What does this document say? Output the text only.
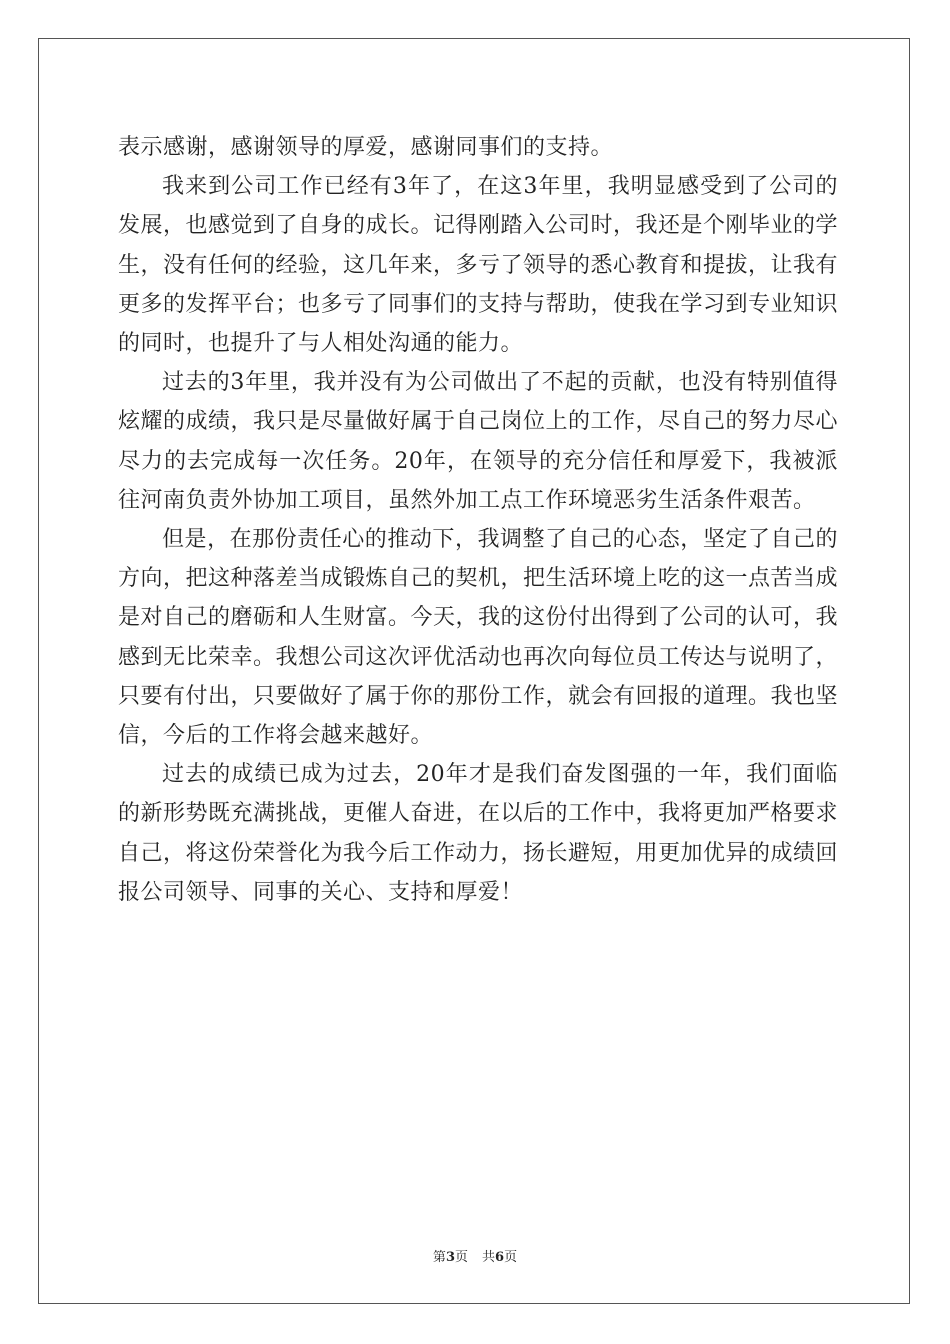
表示感谢，感谢领导的厚爱，感谢同事们的支持。

我来到公司工作已经有3年了，在这3年里，我明显感受到了公司的发展，也感觉到了自身的成长。记得刚踏入公司时，我还是个刚毕业的学生，没有任何的经验，这几年来，多亏了领导的悉心教育和提拔，让我有更多的发挥平台；也多亏了同事们的支持与帮助，使我在学习到专业知识的同时，也提升了与人相处沟通的能力。

过去的3年里，我并没有为公司做出了不起的贡献，也没有特别值得炫耀的成绩，我只是尽量做好属于自己岗位上的工作，尽自己的努力尽心尽力的去完成每一次任务。20年，在领导的充分信任和厚爱下，我被派往河南负责外协加工项目，虽然外加工点工作环境恶劣生活条件艰苦。

但是，在那份责任心的推动下，我调整了自己的心态，坚定了自己的方向，把这种落差当成锻炼自己的契机，把生活环境上吃的这一点苦当成是对自己的磨砺和人生财富。今天，我的这份付出得到了公司的认可，我感到无比荣幸。我想公司这次评优活动也再次向每位员工传达与说明了，只要有付出，只要做好了属于你的那份工作，就会有回报的道理。我也坚信，今后的工作将会越来越好。

过去的成绩已成为过去，20年才是我们奋发图强的一年，我们面临的新形势既充满挑战，更催人奋进，在以后的工作中，我将更加严格要求自己，将这份荣誉化为我今后工作动力，扬长避短，用更加优异的成绩回报公司领导、同事的关心、支持和厚爱！

第3页 共6页
